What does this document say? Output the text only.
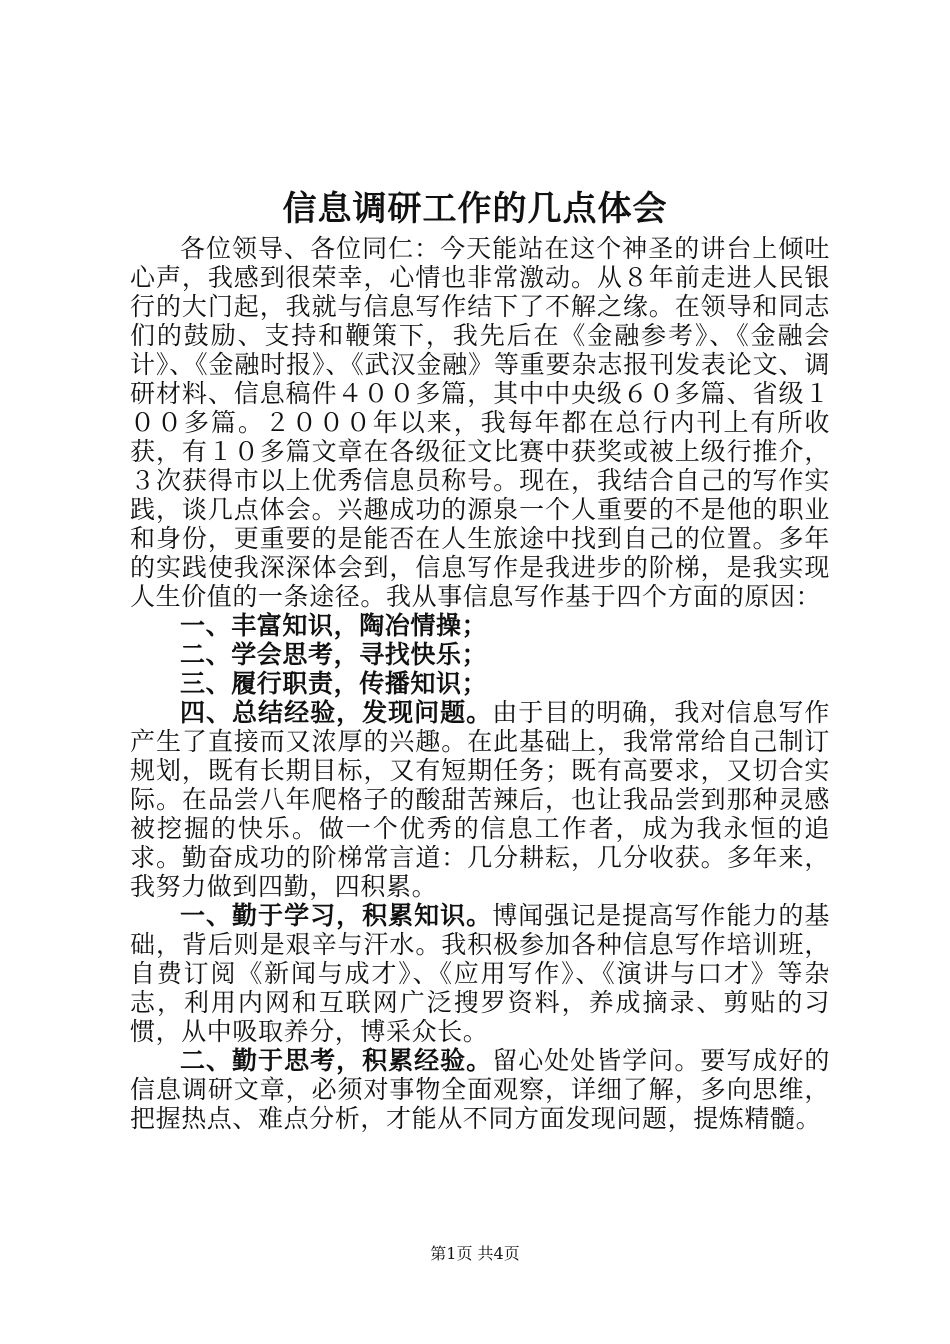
信息调研工作的几点体会

各位领导、各位同仁：今天能站在这个神圣的讲台上倾吐心声，我感到很荣幸，心情也非常激动。从８年前走进人民银行的大门起，我就与信息写作结下了不解之缘。在领导和同志们的鼓励、支持和鞭策下，我先后在《金融参考》、《金融会计》、《金融时报》、《武汉金融》等重要杂志报刊发表论文、调研材料、信息稿件４００多篇，其中中央级６０多篇、省级１００多篇。２０００年以来，我每年都在总行内刊上有所收获，有１０多篇文章在各级征文比赛中获奖或被上级行推介，３次获得市以上优秀信息员称号。现在，我结合自己的写作实践，谈几点体会。兴趣成功的源泉一个人重要的不是他的职业和身份，更重要的是能否在人生旅途中找到自己的位置。多年的实践使我深深体会到，信息写作是我进步的阶梯，是我实现人生价值的一条途径。我从事信息写作基于四个方面的原因：

一、丰富知识，陶冶情操；

二、学会思考，寻找快乐；

三、履行职责，传播知识；

四、总结经验，发现问题。由于目的明确，我对信息写作产生了直接而又浓厚的兴趣。在此基础上，我常常给自己制订规划，既有长期目标，又有短期任务；既有高要求，又切合实际。在品尝八年爬格子的酸甜苦辣后，也让我品尝到那种灵感被挖掘的快乐。做一个优秀的信息工作者，成为我永恒的追求。勤奋成功的阶梯常言道：几分耕耘，几分收获。多年来，我努力做到四勤，四积累。

一、勤于学习，积累知识。博闻强记是提高写作能力的基础，背后则是艰辛与汗水。我积极参加各种信息写作培训班，自费订阅《新闻与成才》、《应用写作》、《演讲与口才》等杂志，利用内网和互联网广泛搜罗资料，养成摘录、剪贴的习惯，从中吸取养分，博采众长。

二、勤于思考，积累经验。留心处处皆学问。要写成好的信息调研文章，必须对事物全面观察，详细了解，多向思维，把握热点、难点分析，才能从不同方面发现问题，提炼精髓。

第1页 共4页
